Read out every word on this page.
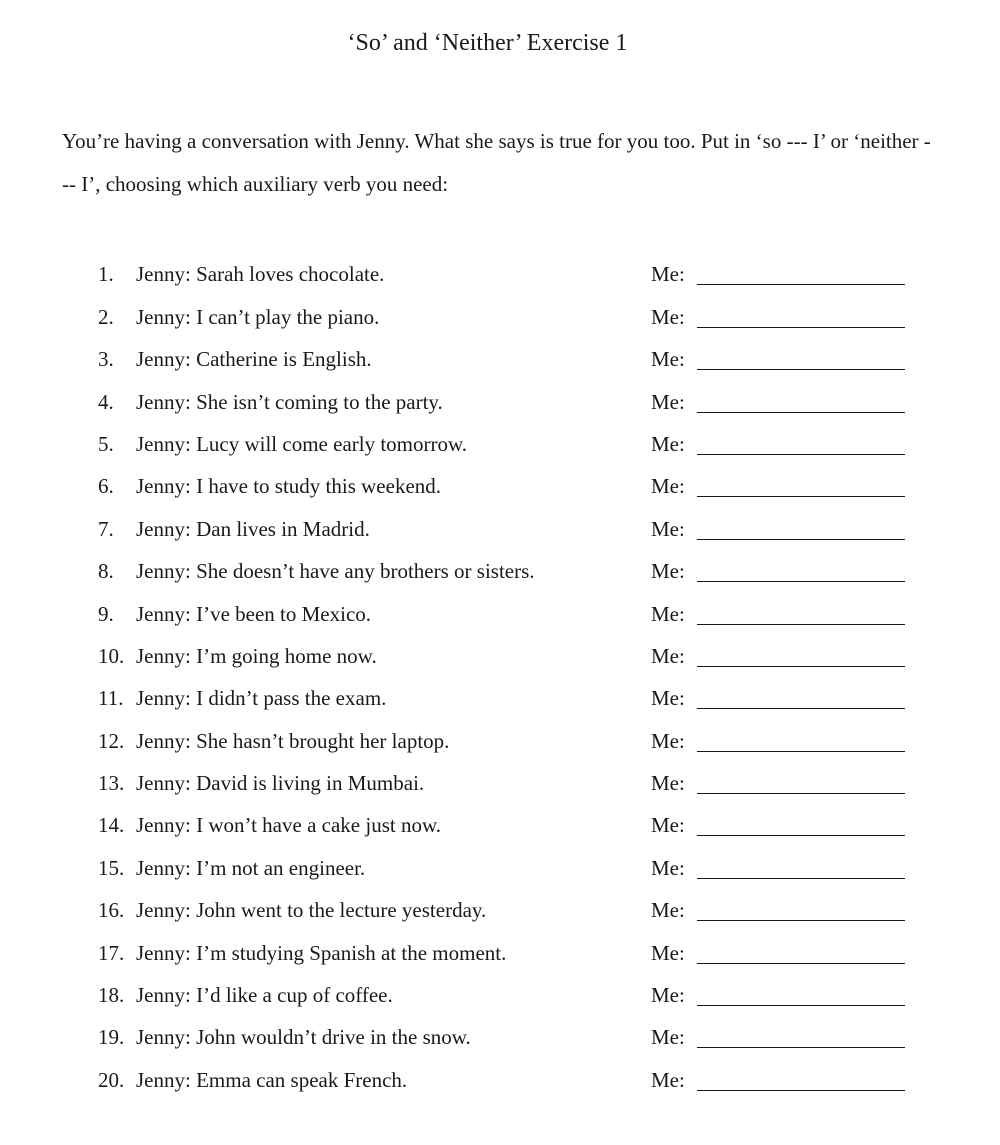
‘So’ and ‘Neither’ Exercise 1
You’re having a conversation with Jenny. What she says is true for you too. Put in ‘so --- I’ or ‘neither --- I’, choosing which auxiliary verb you need:
1.	Jenny: Sarah loves chocolate.	Me:
2.	Jenny: I can’t play the piano.	Me:
3.	Jenny: Catherine is English.	Me:
4.	Jenny: She isn’t coming to the party.	Me:
5.	Jenny: Lucy will come early tomorrow.	Me:
6.	Jenny: I have to study this weekend.	Me:
7.	Jenny: Dan lives in Madrid.	Me:
8.	Jenny: She doesn’t have any brothers or sisters.	Me:
9.	Jenny: I’ve been to Mexico.	Me:
10. Jenny: I’m going home now.	Me:
11. Jenny: I didn’t pass the exam.	Me:
12. Jenny: She hasn’t brought her laptop.	Me:
13. Jenny: David is living in Mumbai.	Me:
14. Jenny: I won’t have a cake just now.	Me:
15. Jenny: I’m not an engineer.	Me:
16. Jenny: John went to the lecture yesterday.	Me:
17. Jenny: I’m studying Spanish at the moment.	Me:
18. Jenny: I’d like a cup of coffee.	Me:
19. Jenny: John wouldn’t drive in the snow.	Me:
20. Jenny: Emma can speak French.	Me:
